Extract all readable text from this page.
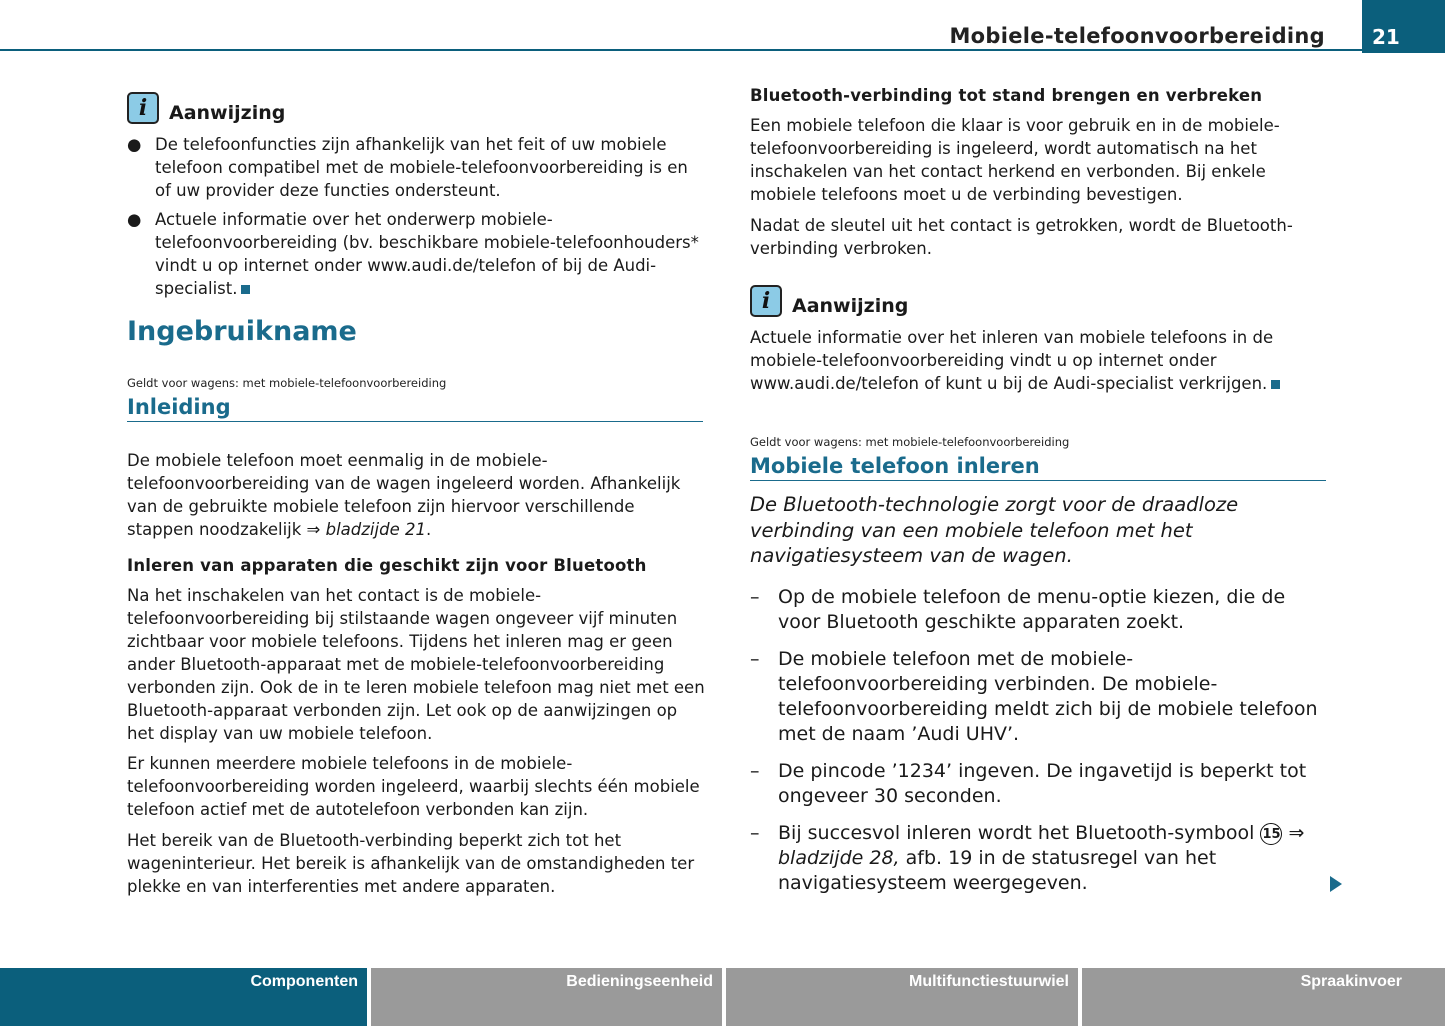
Mobiele-telefoonvoorbereiding	21
i	Aanwijzing
● De telefoonfuncties zijn afhankelijk van het feit of uw mobiele telefoon compatibel met de mobiele-telefoonvoorbereiding is en of uw provider deze functies ondersteunt.
● Actuele informatie over het onderwerp mobiele-telefoonvoorbereiding (bv. beschikbare mobiele-telefoonhouders* vindt u op internet onder www.audi.de/telefon of bij de Audi-specialist.
Ingebruikname
Geldt voor wagens: met mobiele-telefoonvoorbereiding
Inleiding

De mobiele telefoon moet eenmalig in de mobiele-telefoonvoorbereiding van de wagen ingeleerd worden. Afhankelijk van de gebruikte mobiele telefoon zijn hiervoor verschillende stappen noodzakelijk ⇒ bladzijde 21.

Inleren van apparaten die geschikt zijn voor Bluetooth

Na het inschakelen van het contact is de mobiele-telefoonvoorbereiding bij stilstaande wagen ongeveer vijf minuten zichtbaar voor mobiele telefoons. Tijdens het inleren mag er geen ander Bluetooth-apparaat met de mobiele-telefoonvoorbereiding verbonden zijn. Ook de in te leren mobiele telefoon mag niet met een Bluetooth-apparaat verbonden zijn. Let ook op de aanwijzingen op het display van uw mobiele telefoon.

Er kunnen meerdere mobiele telefoons in de mobiele-telefoonvoorbereiding worden ingeleerd, waarbij slechts één mobiele telefoon actief met de autotelefoon verbonden kan zijn.

Het bereik van de Bluetooth-verbinding beperkt zich tot het wageninterieur. Het bereik is afhankelijk van de omstandigheden ter plekke en van interferenties met andere apparaten.

Bluetooth-verbinding tot stand brengen en verbreken

Een mobiele telefoon die klaar is voor gebruik en in de mobiele-telefoonvoorbereiding is ingeleerd, wordt automatisch na het inschakelen van het contact herkend en verbonden. Bij enkele mobiele telefoons moet u de verbinding bevestigen.

Nadat de sleutel uit het contact is getrokken, wordt de Bluetooth-verbinding verbroken.

i	Aanwijzing

Actuele informatie over het inleren van mobiele telefoons in de mobiele-telefoonvoorbereiding vindt u op internet onder www.audi.de/telefon of kunt u bij de Audi-specialist verkrijgen.

Geldt voor wagens: met mobiele-telefoonvoorbereiding
Mobiele telefoon inleren

De Bluetooth-technologie zorgt voor de draadloze verbinding van een mobiele telefoon met het navigatiesysteem van de wagen.

– Op de mobiele telefoon de menu-optie kiezen, die de voor Bluetooth geschikte apparaten zoekt.
– De mobiele telefoon met de mobiele-telefoonvoorbereiding verbinden. De mobiele-telefoonvoorbereiding meldt zich bij de mobiele telefoon met de naam ’Audi UHV’.
– De pincode ’1234’ ingeven. De ingavetijd is beperkt tot ongeveer 30 seconden.
– Bij succesvol inleren wordt het Bluetooth-symbool 15 ⇒ bladzijde 28, afb. 19 in de statusregel van het navigatiesysteem weergegeven.
Componenten	Bedieningseenheid	Multifunctiestuurwiel	Spraakinvoer
